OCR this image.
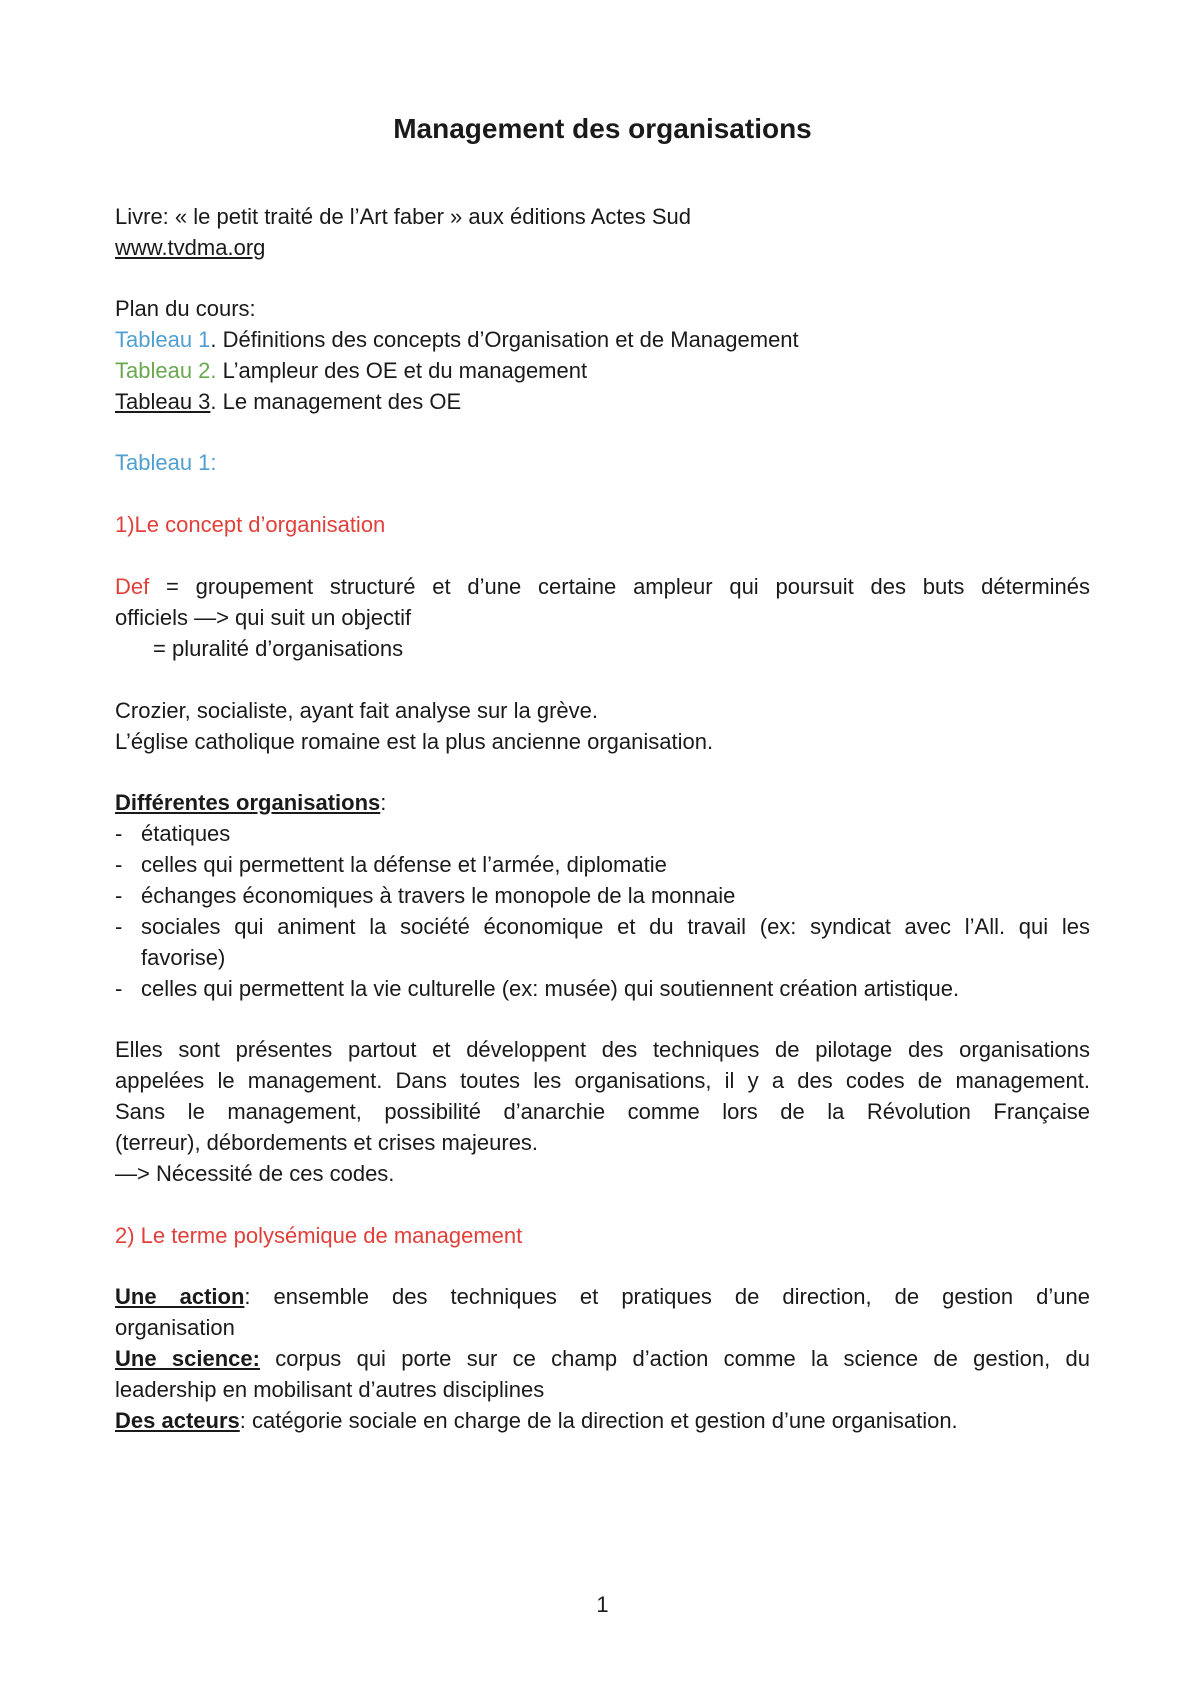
Management des organisations
Livre: « le petit traité de l’Art faber » aux éditions Actes Sud
www.tvdma.org
Plan du cours:
Tableau 1. Définitions des concepts d’Organisation et de Management
Tableau 2. L’ampleur des OE et du management
Tableau 3. Le management des OE
Tableau 1:
1)Le concept d’organisation
Def = groupement structuré et d’une certaine ampleur qui poursuit des buts déterminés
officiels —> qui suit un objectif
= pluralité d’organisations
Crozier, socialiste, ayant fait analyse sur la grève.
L’église catholique romaine est la plus ancienne organisation.
Différentes organisations:
- étatiques
- celles qui permettent la défense et l’armée, diplomatie
- échanges économiques à travers le monopole de la monnaie
- sociales qui animent la société économique et du travail (ex: syndicat avec l’All. qui les
favorise)
- celles qui permettent la vie culturelle (ex: musée) qui soutiennent création artistique.
Elles sont présentes partout et développent des techniques de pilotage des organisations
appelées le management. Dans toutes les organisations, il y a des codes de management.
Sans le management, possibilité d’anarchie comme lors de la Révolution Française
(terreur), débordements et crises majeures.
—> Nécessité de ces codes.
2) Le terme polysémique de management
Une action: ensemble des techniques et pratiques de direction, de gestion d’une
organisation
Une science: corpus qui porte sur ce champ d’action comme la science de gestion, du
leadership en mobilisant d’autres disciplines
Des acteurs: catégorie sociale en charge de la direction et gestion d’une organisation.
1
